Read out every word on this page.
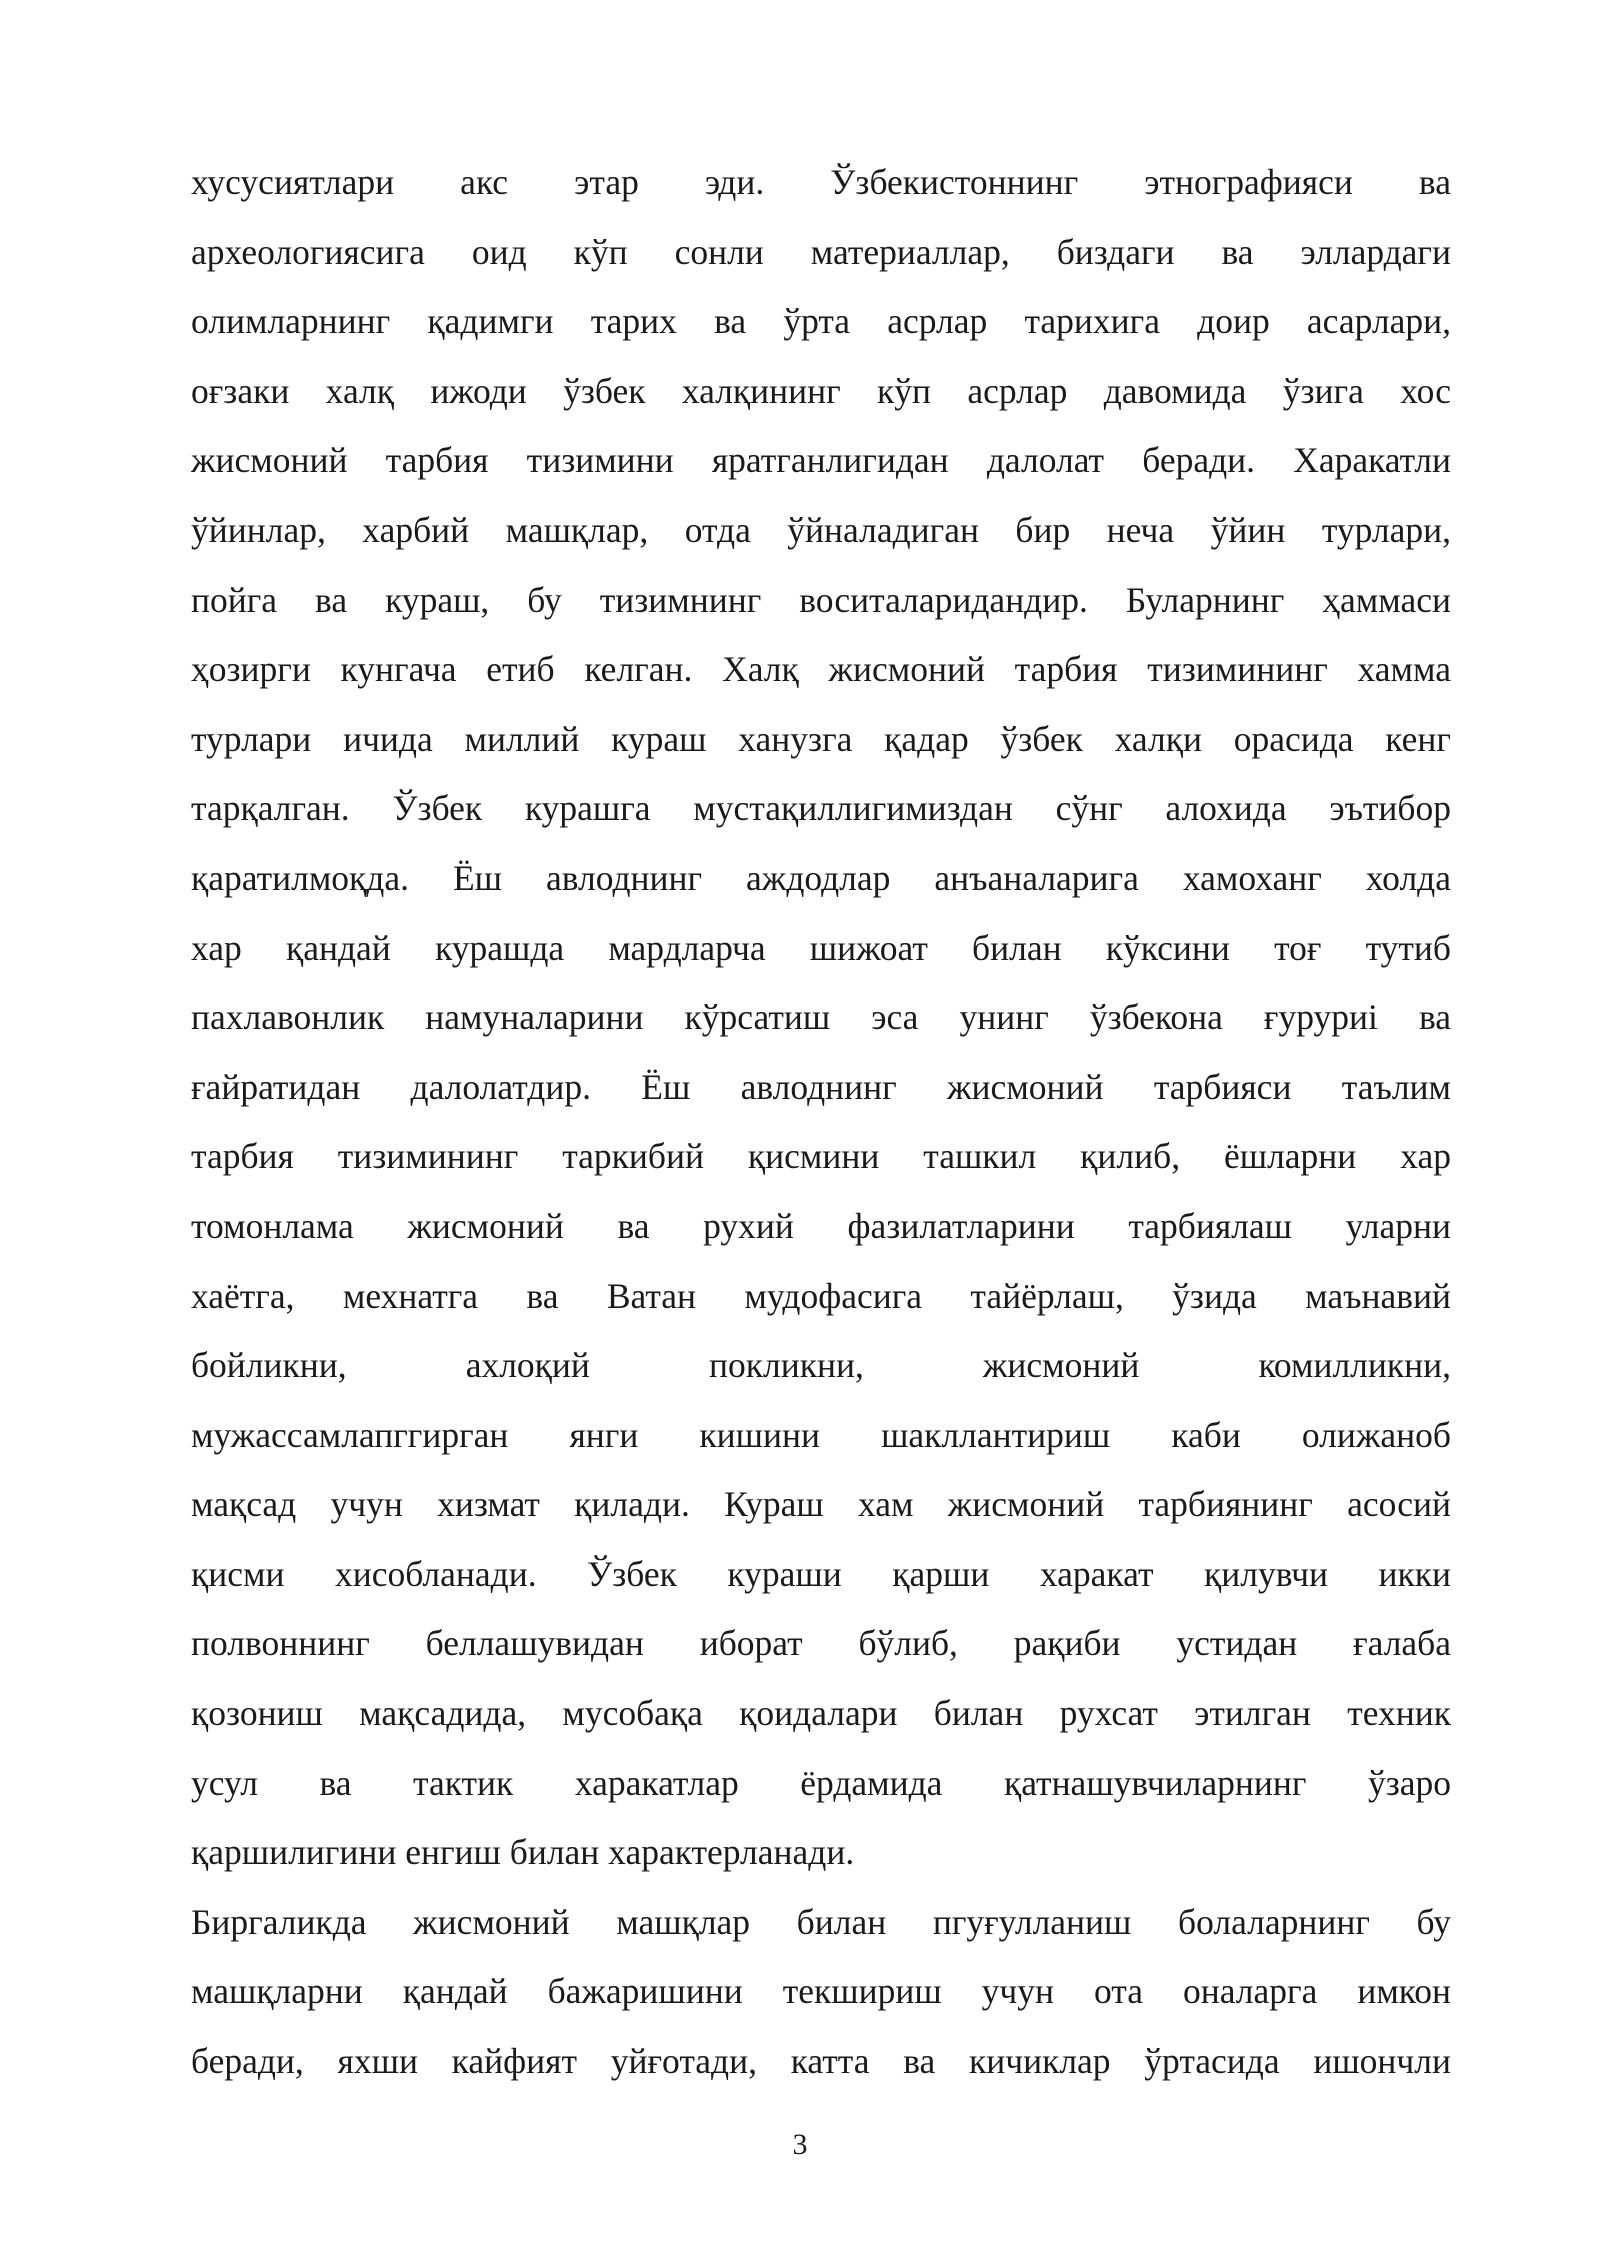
хусусиятлари акс этар эди. Ўзбекистоннинг этнографияси ва
археологиясига оид кўп сонли материаллар, биздаги ва эллардаги
олимларнинг қадимги тарих ва ўрта асрлар тарихига доир асарлари,
оғзаки халқ ижоди ўзбек халқининг кўп асрлар давомида ўзига хос
жисмоний тарбия тизимини яратганлигидан далолат беради. Харакатли
ўйинлар, харбий машқлар, отда ўйналадиган бир неча ўйин турлари,
пойга ва кураш, бу тизимнинг воситаларидандир. Буларнинг ҳаммаси
ҳозирги кунгача етиб келган. Халқ жисмоний тарбия тизимининг хамма
турлари ичида миллий кураш ханузга қадар ўзбек халқи орасида кенг
тарқалган. Ўзбек курашга мустақиллигимиздан сўнг алохида эътибор
қаратилмоқда. Ёш авлоднинг аждодлар анъаналарига хамоханг холда
хар қандай курашда мардларча шижоат билан кўксини тоғ тутиб
пахлавонлик намуналарини кўрсатиш эса унинг ўзбекона ғуруриi ва
ғайратидан далолатдир. Ёш авлоднинг жисмоний тарбияси таълим
тарбия тизимининг таркибий қисмини ташкил қилиб, ёшларни хар
томонлама жисмоний ва рухий фазилатларини тарбиялаш уларни
хаётга, мехнатга ва Ватан мудофасига тайёрлаш, ўзида маънавий
бойликни, ахлоқий покликни, жисмоний комилликни,
мужассамлапггирган янги кишини шакллантириш каби олижаноб
мақсад учун хизмат қилади. Кураш хам жисмоний тарбиянинг асосий
қисми хисобланади. Ўзбек кураши қарши харакат қилувчи икки
полвоннинг беллашувидан иборат бўлиб, рақиби устидан ғалаба
қозониш мақсадида, мусобақа қоидалари билан рухсат этилган техник
усул ва тактик харакатлар ёрдамида қатнашувчиларнинг ўзаро
қаршилигини енгиш билан характерланади.
Биргаликда жисмоний машқлар билан пгуғулланиш болаларнинг бу
машқларни қандай бажаришини текшириш учун ота оналарга имкон
беради, яхши кайфият уйғотади, катта ва кичиклар ўртасида ишончли
3
